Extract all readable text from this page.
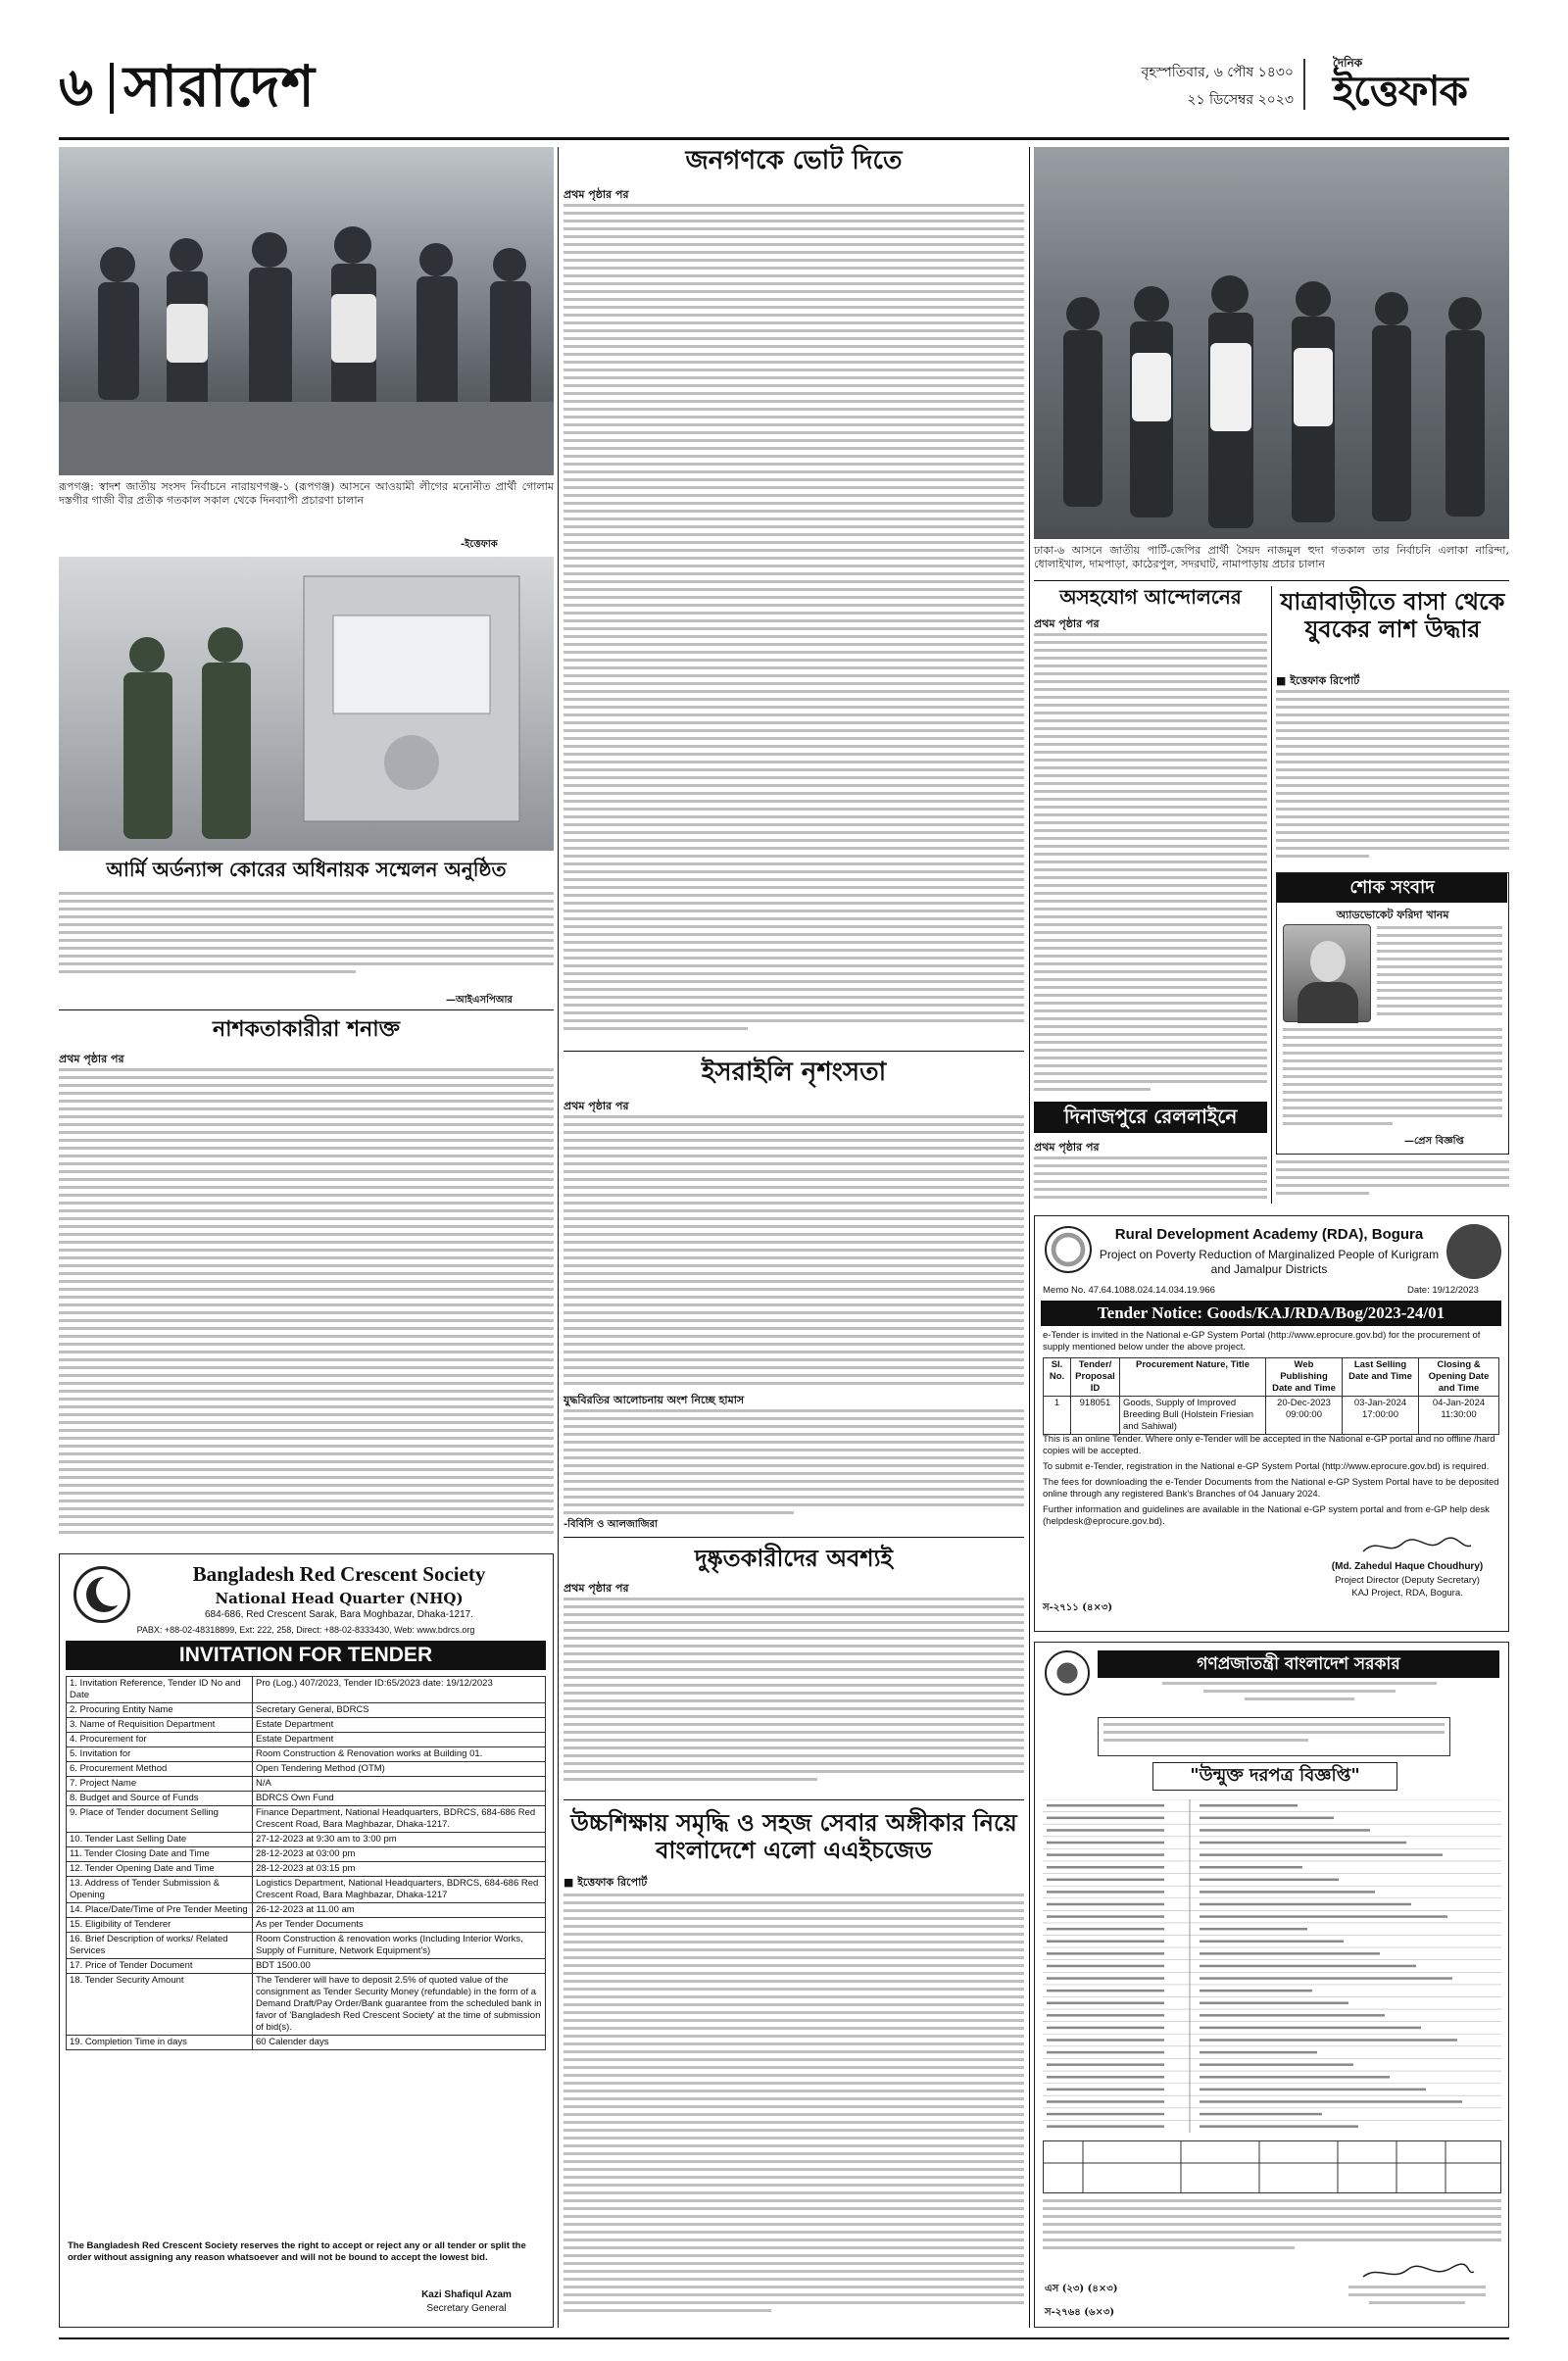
৬ সারাদেশ	বৃহস্পতিবার, ৬ পৌষ ১৪৩০
২১ ডিসেম্বর ২০২৩
দৈনিক
ইত্তেফাক
রূপগঞ্জ: স্বাদশ জাতীয় সংসদ নির্বাচনে নারায়ণগঞ্জ-১ (রূপগঞ্জ) আসনে আওয়ামী লীগের মনোনীত প্রার্থী গোলাম দস্তগীর গাজী বীর প্রতীক গতকাল সকাল থেকে দিনব্যাপী প্রচারণা চালান
-ইত্তেফাক
আর্মি অর্ডন্যান্স কোরের অধিনায়ক সম্মেলন অনুষ্ঠিত
—আইএসপিআর
নাশকতাকারীরা শনাক্ত
প্রথম পৃষ্ঠার পর
Bangladesh Red Crescent Society
National Head Quarter (NHQ)
684-686, Red Crescent Sarak, Bara Moghbazar, Dhaka-1217.
PABX: +88-02-48318899, Ext: 222, 258, Direct: +88-02-8333430, Web: www.bdrcs.org
INVITATION FOR TENDER
1. Invitation Reference, Tender ID No and Date	Pro (Log.) 407/2023, Tender ID:65/2023 date: 19/12/2023
2. Procuring Entity Name	Secretary General, BDRCS
3. Name of Requisition Department	Estate Department
4. Procurement for	Estate Department
5. Invitation for	Room Construction & Renovation works at Building 01.
6. Procurement Method	Open Tendering Method (OTM)
7. Project Name	N/A
8. Budget and Source of Funds	BDRCS Own Fund
9. Place of Tender document Selling	Finance Department, National Headquarters, BDRCS, 684-686 Red Crescent Road, Bara Maghbazar, Dhaka-1217.
10. Tender Last Selling Date	27-12-2023 at 9:30 am to 3:00 pm
11. Tender Closing Date and Time	28-12-2023 at 03:00 pm
12. Tender Opening Date and Time	28-12-2023 at 03:15 pm
13. Address of Tender Submission & Opening	Logistics Department, National Headquarters, BDRCS, 684-686 Red Crescent Road, Bara Maghbazar, Dhaka-1217
14. Place/Date/Time of Pre Tender Meeting	26-12-2023 at 11.00 am
15. Eligibility of Tenderer	As per Tender Documents
16. Brief Description of works/ Related Services	Room Construction & renovation works (Including Interior Works, Supply of Furniture, Network Equipment's)
17. Price of Tender Document	BDT 1500.00
18. Tender Security Amount	The Tenderer will have to deposit 2.5% of quoted value of the consignment as Tender Security Money (refundable) in the form of a Demand Draft/Pay Order/Bank guarantee from the scheduled bank in favor of 'Bangladesh Red Crescent Society' at the time of submission of bid(s).
19. Completion Time in days	60 Calender days
The Bangladesh Red Crescent Society reserves the right to accept or reject any or all tender or split the order without assigning any reason whatsoever and will not be bound to accept the lowest bid.
Kazi Shafiqul Azam
Secretary General
জনগণকে ভোট দিতে
প্রথম পৃষ্ঠার পর
ইসরাইলি নৃশংসতা
প্রথম পৃষ্ঠার পর
যুদ্ধবিরতির আলোচনায় অংশ নিচ্ছে হামাস
-বিবিসি ও আলজাজিরা
দুষ্কৃতকারীদের অবশ্যই
প্রথম পৃষ্ঠার পর
উচ্চশিক্ষায় সমৃদ্ধি ও সহজ সেবার অঙ্গীকার নিয়ে বাংলাদেশে এলো এএইচজেড
■ ইত্তেফাক রিপোর্ট
ঢাকা-৬ আসনে জাতীয় পার্টি-জেপির প্রার্থী সৈয়দ নাজমুল হুদা গতকাল তার নির্বাচনি এলাকা নারিন্দা, ধোলাইখাল, দামপাড়া, কাঠেরপুল, সদরঘাট, নামাপাড়ায় প্রচার চালান
অসহযোগ আন্দোলনের
প্রথম পৃষ্ঠার পর
যাত্রাবাড়ীতে বাসা থেকে যুবকের লাশ উদ্ধার
■ ইত্তেফাক রিপোর্ট
শোক সংবাদ
অ্যাডভোকেট ফরিদা খানম
—প্রেস বিজ্ঞপ্তি
দিনাজপুরে রেললাইনে
প্রথম পৃষ্ঠার পর
Rural Development Academy (RDA), Bogura
Project on Poverty Reduction of Marginalized People of Kurigram and Jamalpur Districts
Memo No. 47.64.1088.024.14.034.19.966	Date: 19/12/2023
Tender Notice: Goods/KAJ/RDA/Bog/2023-24/01
e-Tender is invited in the National e-GP System Portal (http://www.eprocure.gov.bd) for the procurement of supply mentioned below under the above project.
Sl. No.	Tender/ Proposal ID	Procurement Nature, Title	Web Publishing Date and Time	Last Selling Date and Time	Closing & Opening Date and Time
1	918051	Goods, Supply of Improved Breeding Bull (Holstein Friesian and Sahiwal)	20-Dec-2023 09:00:00	03-Jan-2024 17:00:00	04-Jan-2024 11:30:00
This is an online Tender. Where only e-Tender will be accepted in the National e-GP portal and no offline /hard copies will be accepted.
To submit e-Tender, registration in the National e-GP System Portal (http://www.eprocure.gov.bd) is required.
The fees for downloading the e-Tender Documents from the National e-GP System Portal have to be deposited online through any registered Bank's Branches of 04 January 2024.
Further information and guidelines are available in the National e-GP system portal and from e-GP help desk (helpdesk@eprocure.gov.bd).
(Md. Zahedul Haque Choudhury)
Project Director (Deputy Secretary)
KAJ Project, RDA, Bogura.
স-২৭১১ (৪×৩)
গণপ্রজাতন্ত্রী বাংলাদেশ সরকার
"উন্মুক্ত দরপত্র বিজ্ঞপ্তি"
এস (২৩) (৪×৩)
স-২৭৬৪ (৬×৩)
